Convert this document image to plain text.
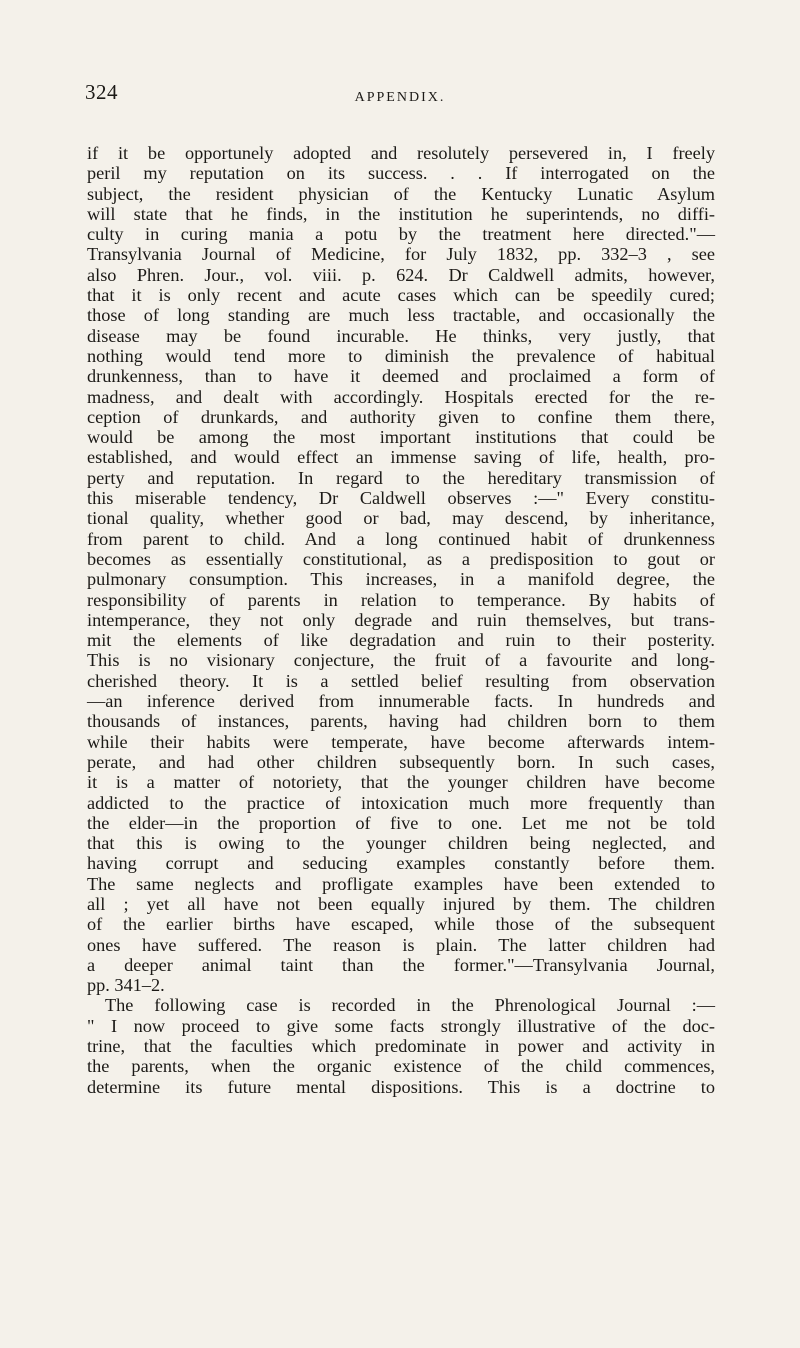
324	APPENDIX.
if it be opportunely adopted and resolutely persevered in, I freely
peril my reputation on its success. . . If interrogated on the
subject, the resident physician of the Kentucky Lunatic Asylum
will state that he finds, in the institution he superintends, no diffi-
culty in curing mania a potu by the treatment here directed."—
Transylvania Journal of Medicine, for July 1832, pp. 332–3 , see
also Phren. Jour., vol. viii. p. 624. Dr Caldwell admits, however,
that it is only recent and acute cases which can be speedily cured;
those of long standing are much less tractable, and occasionally the
disease may be found incurable. He thinks, very justly, that
nothing would tend more to diminish the prevalence of habitual
drunkenness, than to have it deemed and proclaimed a form of
madness, and dealt with accordingly. Hospitals erected for the re-
ception of drunkards, and authority given to confine them there,
would be among the most important institutions that could be
established, and would effect an immense saving of life, health, pro-
perty and reputation. In regard to the hereditary transmission of
this miserable tendency, Dr Caldwell observes :—" Every constitu-
tional quality, whether good or bad, may descend, by inheritance,
from parent to child. And a long continued habit of drunkenness
becomes as essentially constitutional, as a predisposition to gout or
pulmonary consumption. This increases, in a manifold degree, the
responsibility of parents in relation to temperance. By habits of
intemperance, they not only degrade and ruin themselves, but trans-
mit the elements of like degradation and ruin to their posterity.
This is no visionary conjecture, the fruit of a favourite and long-
cherished theory. It is a settled belief resulting from observation
—an inference derived from innumerable facts. In hundreds and
thousands of instances, parents, having had children born to them
while their habits were temperate, have become afterwards intem-
perate, and had other children subsequently born. In such cases,
it is a matter of notoriety, that the younger children have become
addicted to the practice of intoxication much more frequently than
the elder—in the proportion of five to one. Let me not be told
that this is owing to the younger children being neglected, and
having corrupt and seducing examples constantly before them.
The same neglects and profligate examples have been extended to
all ; yet all have not been equally injured by them. The children
of the earlier births have escaped, while those of the subsequent
ones have suffered. The reason is plain. The latter children had
a deeper animal taint than the former."—Transylvania Journal,
pp. 341–2.
The following case is recorded in the Phrenological Journal :—
" I now proceed to give some facts strongly illustrative of the doc-
trine, that the faculties which predominate in power and activity in
the parents, when the organic existence of the child commences,
determine its future mental dispositions. This is a doctrine to
